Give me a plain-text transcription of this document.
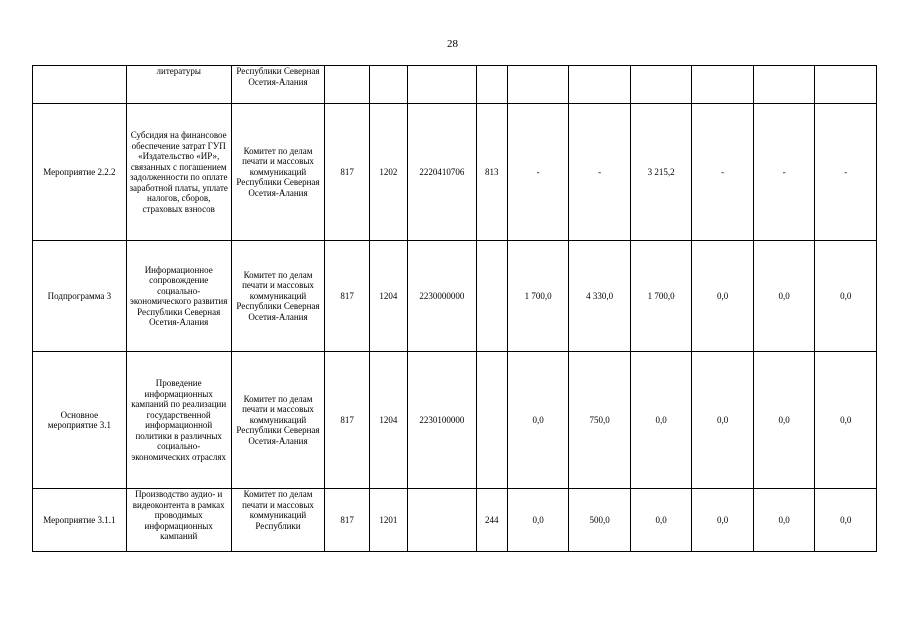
28
	литературы	Республики Северная Осетия-Алания										
Мероприятие 2.2.2	Субсидия на финансовое обеспечение затрат ГУП «Издательство «ИР», связанных с погашением задолженности по оплате заработной платы, уплате налогов, сборов, страховых взносов	Комитет по делам печати и массовых коммуникаций Республики Северная Осетия-Алания	817	1202	2220410706	813	-	-	3 215,2	-	-	-
Подпрограмма 3	Информационное сопровождение социально-экономического развития Республики Северная Осетия-Алания	Комитет по делам печати и массовых коммуникаций Республики Северная Осетия-Алания	817	1204	2230000000		1 700,0	4 330,0	1 700,0	0,0	0,0	0,0
Основное мероприятие 3.1	Проведение информационных кампаний по реализации государственной информационной политики в различных социально-экономических отраслях	Комитет по делам печати и массовых коммуникаций Республики Северная Осетия-Алания	817	1204	2230100000		0,0	750,0	0,0	0,0	0,0	0,0
Мероприятие 3.1.1	Производство аудио- и видеоконтента в рамках проводимых информационных кампаний	Комитет по делам печати и массовых коммуникаций Республики	817	1201		244	0,0	500,0	0,0	0,0	0,0	0,0
